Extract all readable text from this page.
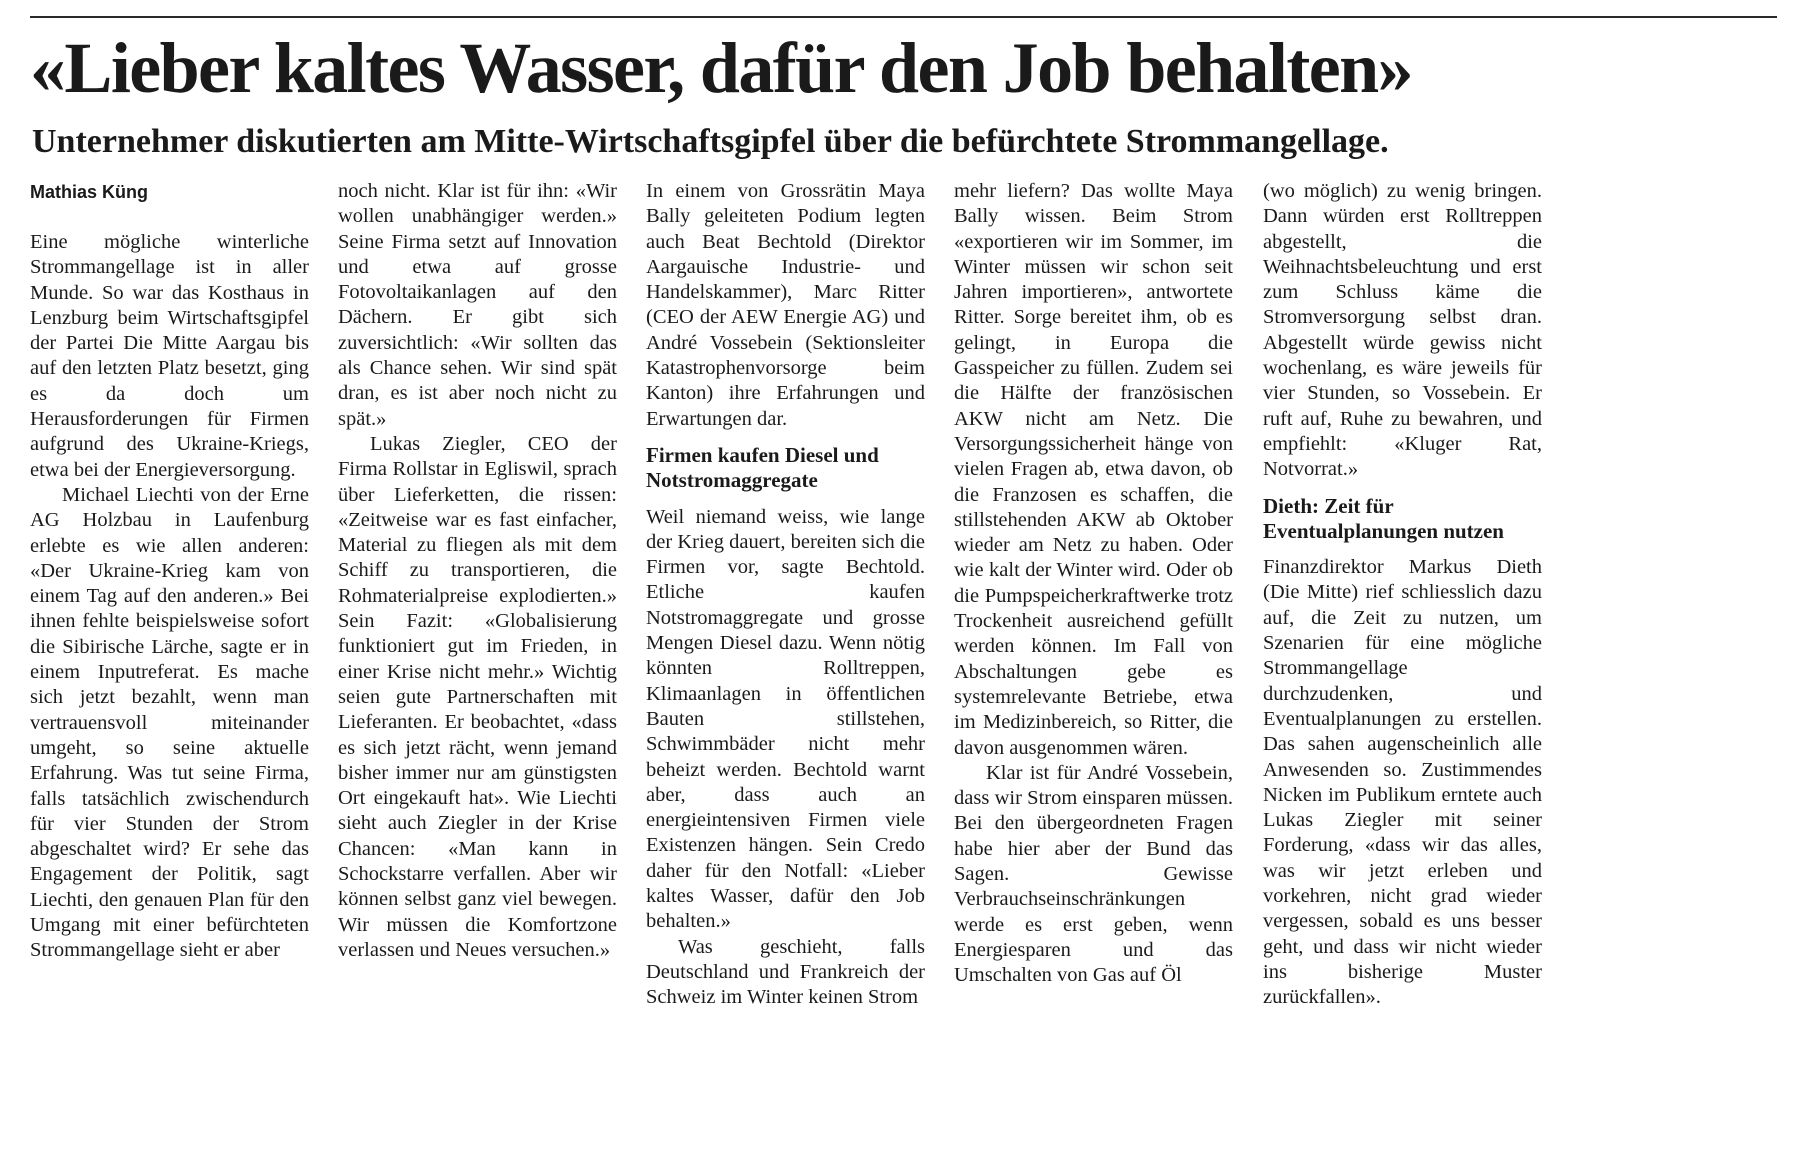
«Lieber kaltes Wasser, dafür den Job behalten»
Unternehmer diskutierten am Mitte-Wirtschaftsgipfel über die befürchtete Strommangellage.
Mathias Küng

Eine mögliche winterliche Strommangellage ist in aller Munde. So war das Kosthaus in Lenzburg beim Wirtschaftsgipfel der Partei Die Mitte Aargau bis auf den letzten Platz besetzt, ging es da doch um Herausforderungen für Firmen aufgrund des Ukraine-Kriegs, etwa bei der Energieversorgung.

Michael Liechti von der Erne AG Holzbau in Laufenburg erlebte es wie allen anderen: «Der Ukraine-Krieg kam von einem Tag auf den anderen.» Bei ihnen fehlte beispielsweise sofort die Sibirische Lärche, sagte er in einem Inputreferat. Es mache sich jetzt bezahlt, wenn man vertrauensvoll miteinander umgeht, so seine aktuelle Erfahrung. Was tut seine Firma, falls tatsächlich zwischendurch für vier Stunden der Strom abgeschaltet wird? Er sehe das Engagement der Politik, sagt Liechti, den genauen Plan für den Umgang mit einer befürchteten Strommangellage sieht er aber

noch nicht. Klar ist für ihn: «Wir wollen unabhängiger werden.» Seine Firma setzt auf Innovation und etwa auf grosse Fotovoltaikanlagen auf den Dächern. Er gibt sich zuversichtlich: «Wir sollten das als Chance sehen. Wir sind spät dran, es ist aber noch nicht zu spät.»

Lukas Ziegler, CEO der Firma Rollstar in Egliswil, sprach über Lieferketten, die rissen: «Zeitweise war es fast einfacher, Material zu fliegen als mit dem Schiff zu transportieren, die Rohmaterialpreise explodierten.» Sein Fazit: «Globalisierung funktioniert gut im Frieden, in einer Krise nicht mehr.» Wichtig seien gute Partnerschaften mit Lieferanten. Er beobachtet, «dass es sich jetzt rächt, wenn jemand bisher immer nur am günstigsten Ort eingekauft hat». Wie Liechti sieht auch Ziegler in der Krise Chancen: «Man kann in Schockstarre verfallen. Aber wir können selbst ganz viel bewegen. Wir müssen die Komfortzone verlassen und Neues versuchen.»

In einem von Grossrätin Maya Bally geleiteten Podium legten auch Beat Bechtold (Direktor Aargauische Industrie- und Handelskammer), Marc Ritter (CEO der AEW Energie AG) und André Vossebein (Sektionsleiter Katastrophenvorsorge beim Kanton) ihre Erfahrungen und Erwartungen dar.

Firmen kaufen Diesel und Notstromaggregate

Weil niemand weiss, wie lange der Krieg dauert, bereiten sich die Firmen vor, sagte Bechtold. Etliche kaufen Notstromaggregate und grosse Mengen Diesel dazu. Wenn nötig könnten Rolltreppen, Klimaanlagen in öffentlichen Bauten stillstehen, Schwimmbäder nicht mehr beheizt werden. Bechtold warnt aber, dass auch an energieintensiven Firmen viele Existenzen hängen. Sein Credo daher für den Notfall: «Lieber kaltes Wasser, dafür den Job behalten.»

Was geschieht, falls Deutschland und Frankreich der Schweiz im Winter keinen Strom

mehr liefern? Das wollte Maya Bally wissen. Beim Strom «exportieren wir im Sommer, im Winter müssen wir schon seit Jahren importieren», antwortete Ritter. Sorge bereitet ihm, ob es gelingt, in Europa die Gasspeicher zu füllen. Zudem sei die Hälfte der französischen AKW nicht am Netz. Die Versorgungssicherheit hänge von vielen Fragen ab, etwa davon, ob die Franzosen es schaffen, die stillstehenden AKW ab Oktober wieder am Netz zu haben. Oder wie kalt der Winter wird. Oder ob die Pumpspeicherkraftwerke trotz Trockenheit ausreichend gefüllt werden können. Im Fall von Abschaltungen gebe es systemrelevante Betriebe, etwa im Medizinbereich, so Ritter, die davon ausgenommen wären.

Klar ist für André Vossebein, dass wir Strom einsparen müssen. Bei den übergeordneten Fragen habe hier aber der Bund das Sagen. Gewisse Verbrauchseinschränkungen werde es erst geben, wenn Energiesparen und das Umschalten von Gas auf Öl

(wo möglich) zu wenig bringen. Dann würden erst Rolltreppen abgestellt, die Weihnachtsbeleuchtung und erst zum Schluss käme die Stromversorgung selbst dran. Abgestellt würde gewiss nicht wochenlang, es wäre jeweils für vier Stunden, so Vossebein. Er ruft auf, Ruhe zu bewahren, und empfiehlt: «Kluger Rat, Notvorrat.»

Dieth: Zeit für Eventualplanungen nutzen

Finanzdirektor Markus Dieth (Die Mitte) rief schliesslich dazu auf, die Zeit zu nutzen, um Szenarien für eine mögliche Strommangellage durchzudenken, und Eventualplanungen zu erstellen. Das sahen augenscheinlich alle Anwesenden so. Zustimmendes Nicken im Publikum erntete auch Lukas Ziegler mit seiner Forderung, «dass wir das alles, was wir jetzt erleben und vorkehren, nicht grad wieder vergessen, sobald es uns besser geht, und dass wir nicht wieder ins bisherige Muster zurückfallen».
